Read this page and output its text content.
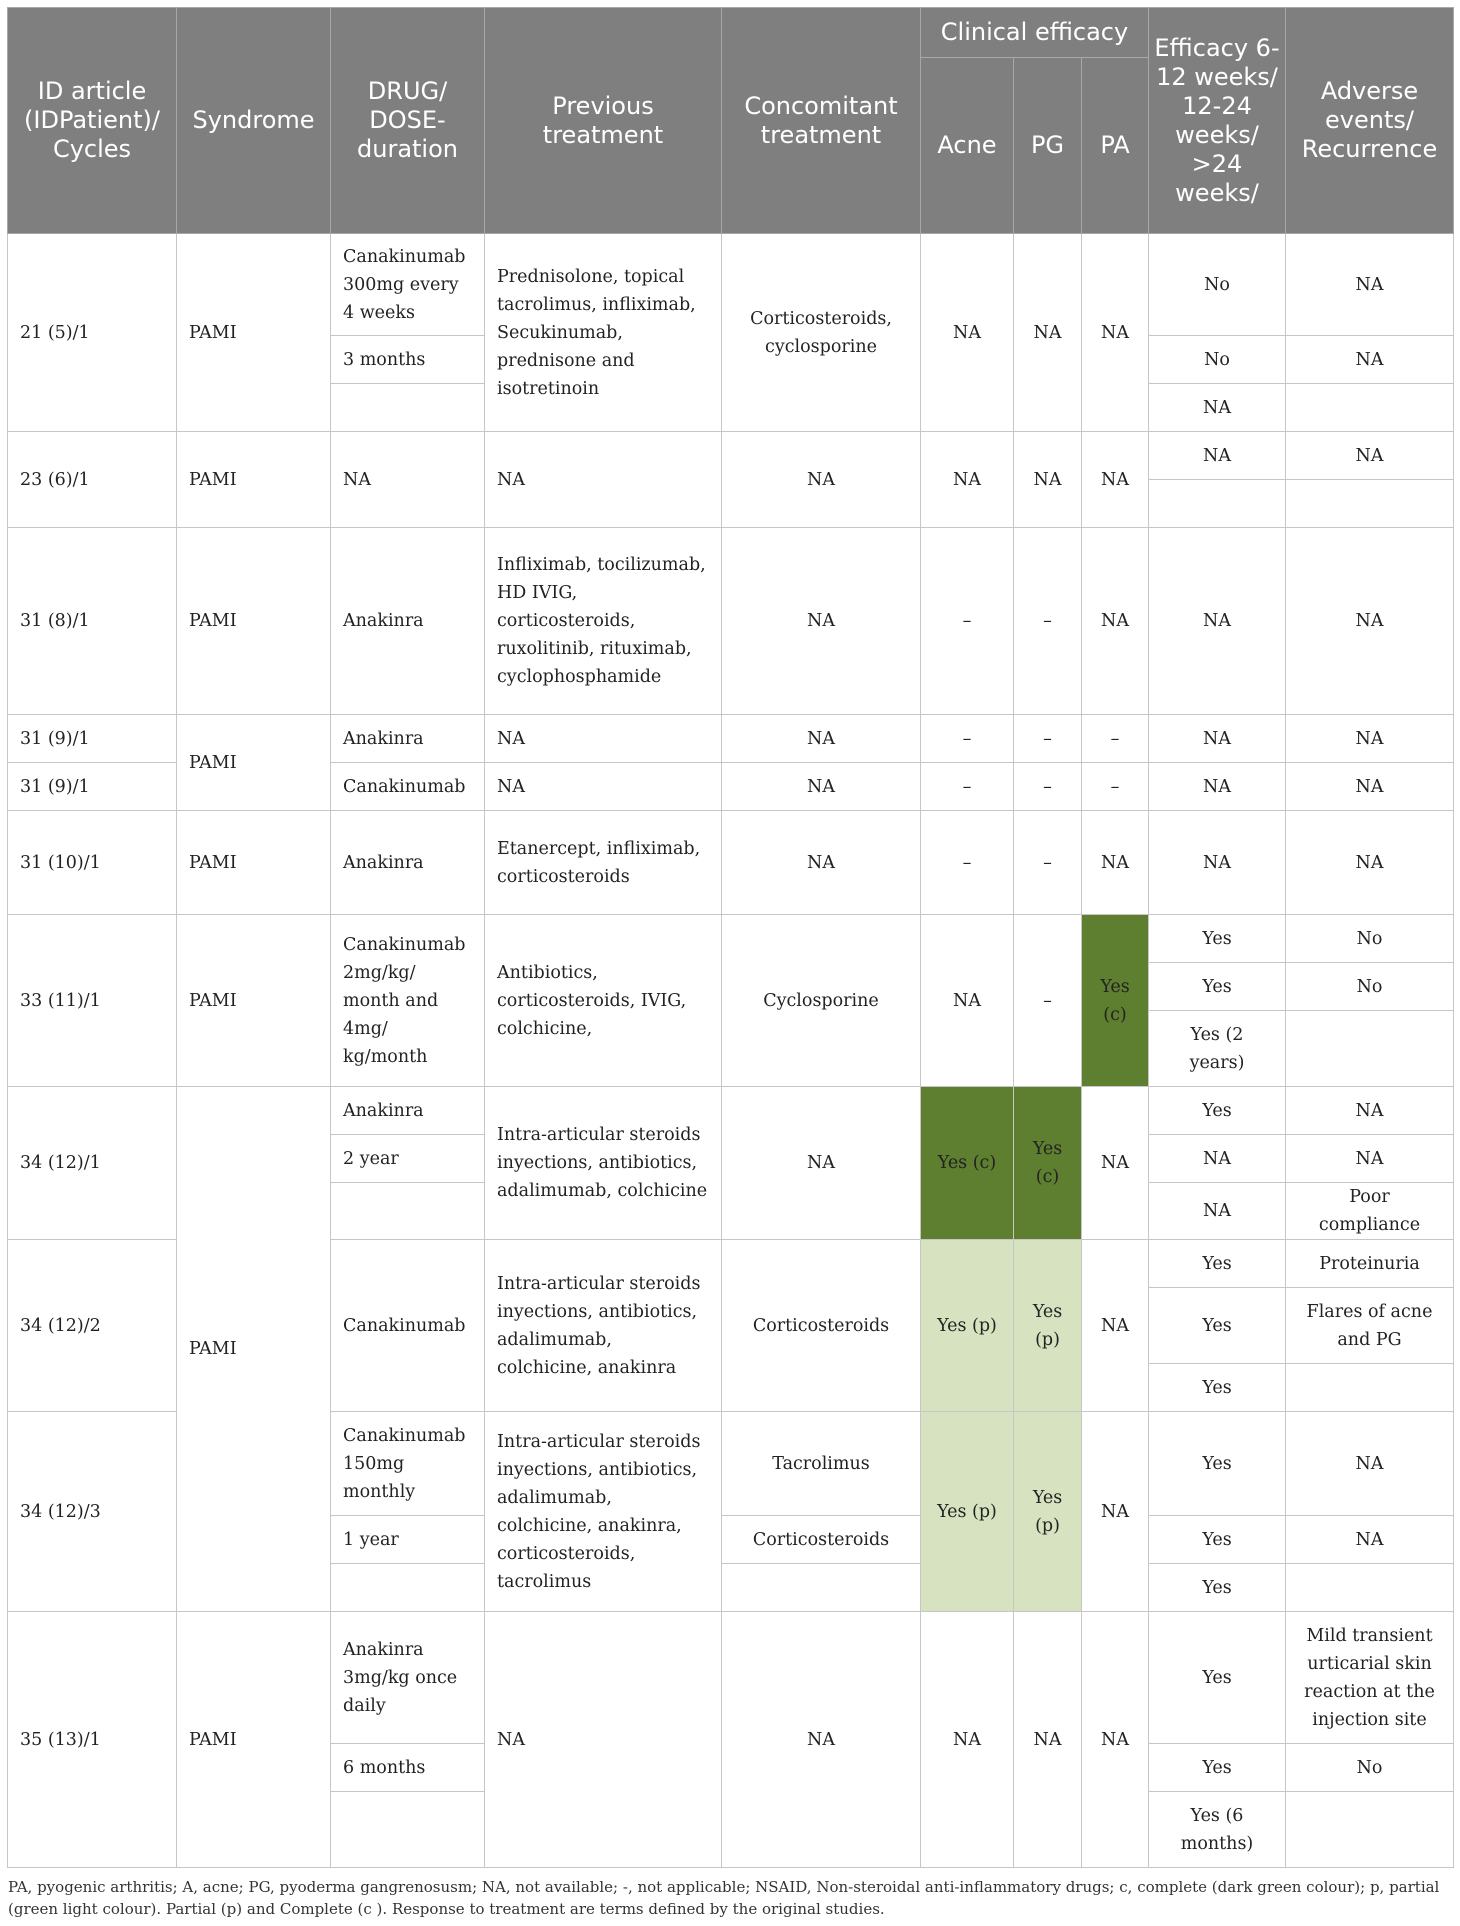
ID article (IDPatient)/ Cycles	Syndrome	DRUG/ DOSE-duration	Previous treatment	Concomitant treatment	Clinical efficacy			Efficacy 6-12 weeks/ 12-24 weeks/ >24 weeks/	Adverse events/ Recurrence
					Acne	PG	PA		
21 (5)/1	PAMI	Canakinumab 300mg every 4 weeks	Prednisolone, topical tacrolimus, infliximab, Secukinumab, prednisone and isotretinoin	Corticosteroids, cyclosporine	NA	NA	NA	No	NA
		3 months						No	NA
								NA	
23 (6)/1	PAMI	NA	NA	NA	NA	NA	NA	NA	NA

31 (8)/1	PAMI	Anakinra	Infliximab, tocilizumab, HD IVIG, corticosteroids, ruxolitinib, rituximab, cyclophosphamide	NA	–	–	NA	NA	NA
31 (9)/1	PAMI	Anakinra	NA	NA	–	–	–	NA	NA
31 (9)/1		Canakinumab	NA	NA	–	–	–	NA	NA
31 (10)/1	PAMI	Anakinra	Etanercept, infliximab, corticosteroids	NA	–	–	NA	NA	NA
33 (11)/1	PAMI	Canakinumab 2mg/kg/ month and 4mg/ kg/month	Antibiotics, corticosteroids, IVIG, colchicine,	Cyclosporine	NA	–	Yes (c)	Yes	No
								Yes	No
								Yes (2 years)	
34 (12)/1	PAMI	Anakinra	Intra-articular steroids inyections, antibiotics, adalimumab, colchicine	NA	Yes (c)	Yes (c)	NA	Yes	NA
		2 year						NA	NA
								NA	Poor compliance
34 (12)/2		Canakinumab	Intra-articular steroids inyections, antibiotics, adalimumab, colchicine, anakinra	Corticosteroids	Yes (p)	Yes (p)	NA	Yes	Proteinuria
								Yes	Flares of acne and PG
								Yes	
34 (12)/3		Canakinumab 150mg monthly	Intra-articular steroids inyections, antibiotics, adalimumab, colchicine, anakinra, corticosteroids, tacrolimus	Tacrolimus	Yes (p)	Yes (p)	NA	Yes	NA
		1 year		Corticosteroids				Yes	NA
								Yes	
35 (13)/1	PAMI	Anakinra 3mg/kg once daily	NA	NA	NA	NA	NA	Yes	Mild transient urticarial skin reaction at the injection site
		6 months						Yes	No
								Yes (6 months)	
PA, pyogenic arthritis; A, acne; PG, pyoderma gangrenosusm; NA, not available; -, not applicable; NSAID, Non-steroidal anti-inflammatory drugs; c, complete (dark green colour); p, partial (green light colour). Partial (p) and Complete (c ). Response to treatment are terms defined by the original studies.
